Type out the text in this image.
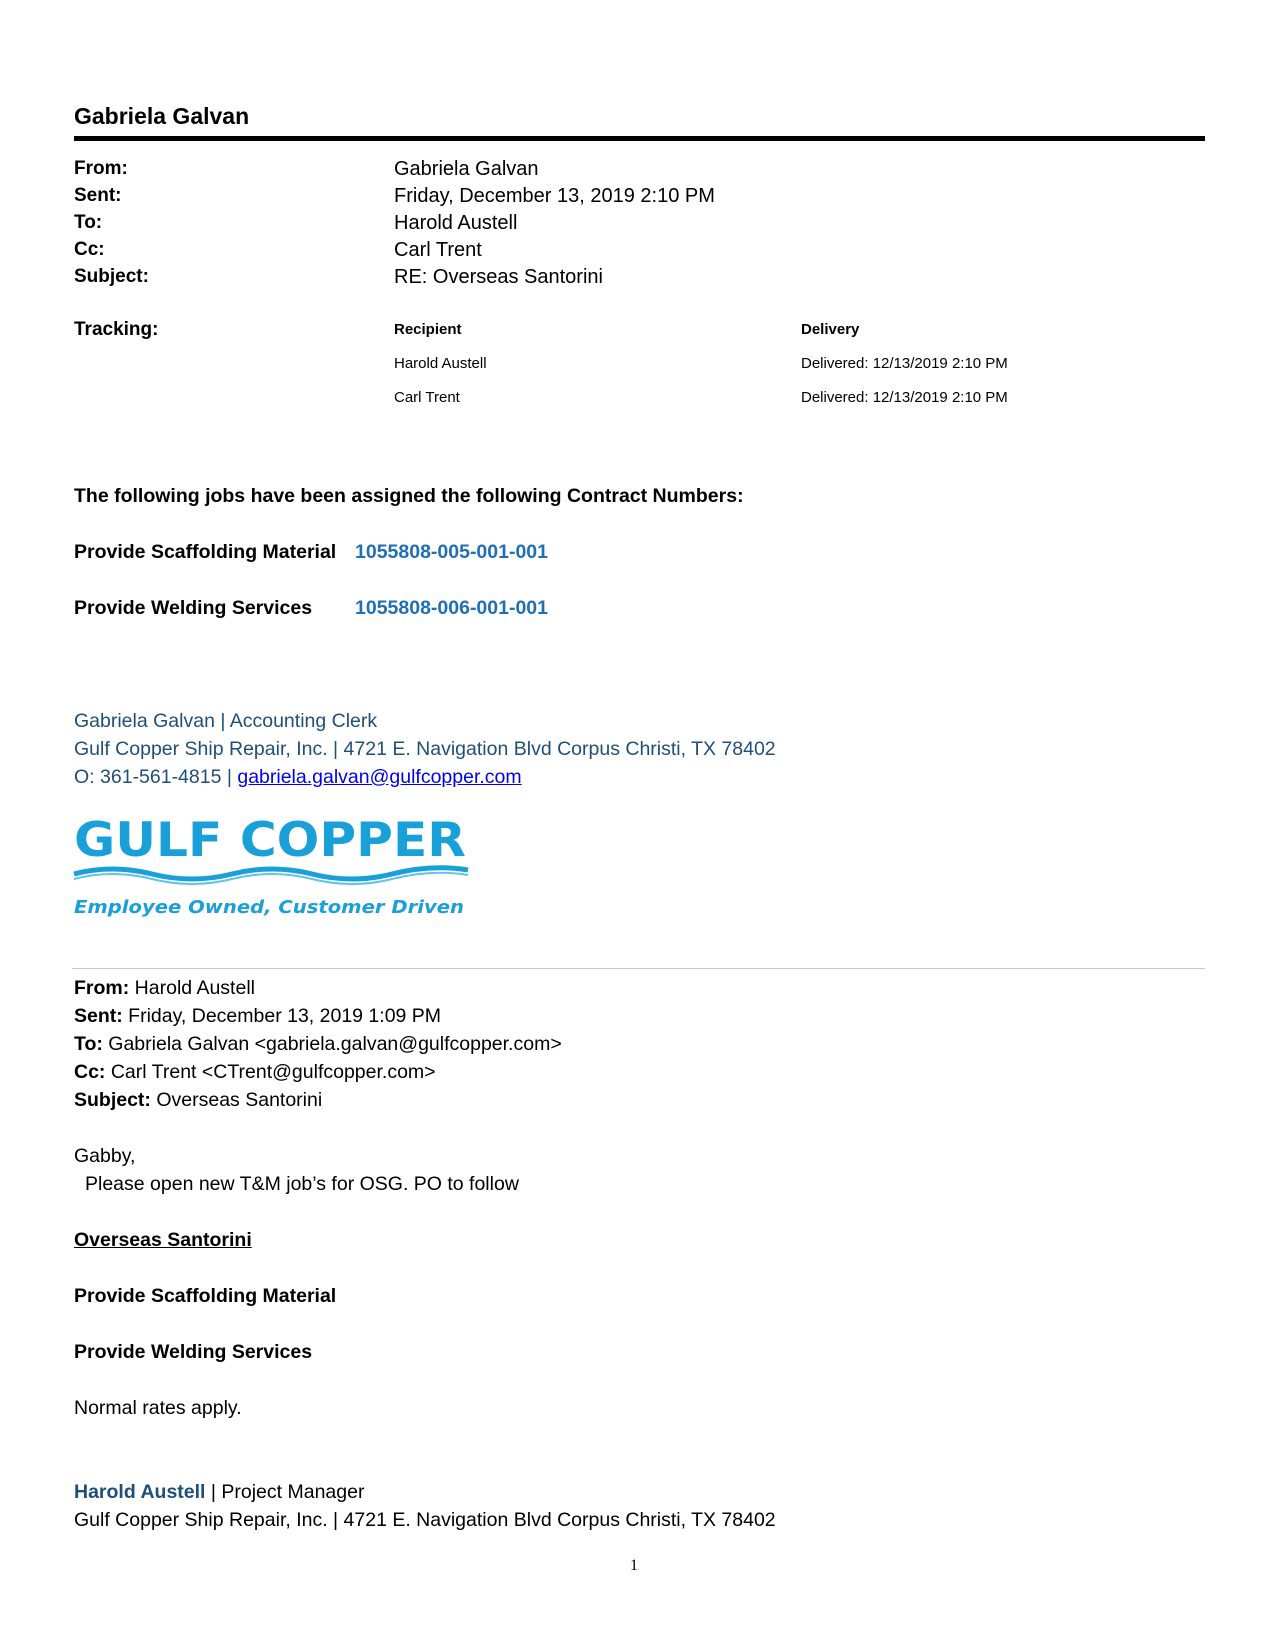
Gabriela Galvan
From:	Gabriela Galvan
Sent:	Friday, December 13, 2019 2:10 PM
To:	Harold Austell
Cc:	Carl Trent
Subject:	RE: Overseas Santorini
Tracking:	Recipient	Delivery
Harold Austell	Delivered: 12/13/2019 2:10 PM
Carl Trent	Delivered: 12/13/2019 2:10 PM
The following jobs have been assigned the following Contract Numbers:
Provide Scaffolding Material 1055808-005-001-001
Provide Welding Services 1055808-006-001-001
Gabriela Galvan | Accounting Clerk
Gulf Copper Ship Repair, Inc. | 4721 E. Navigation Blvd Corpus Christi, TX 78402
O: 361-561-4815 | gabriela.galvan@gulfcopper.com
GULF COPPER
Employee Owned, Customer Driven
From: Harold Austell
Sent: Friday, December 13, 2019 1:09 PM
To: Gabriela Galvan <gabriela.galvan@gulfcopper.com>
Cc: Carl Trent <CTrent@gulfcopper.com>
Subject: Overseas Santorini
Gabby,
Please open new T&M job’s for OSG. PO to follow
Overseas Santorini
Provide Scaffolding Material
Provide Welding Services
Normal rates apply.
Harold Austell | Project Manager
Gulf Copper Ship Repair, Inc. | 4721 E. Navigation Blvd Corpus Christi, TX 78402
1
